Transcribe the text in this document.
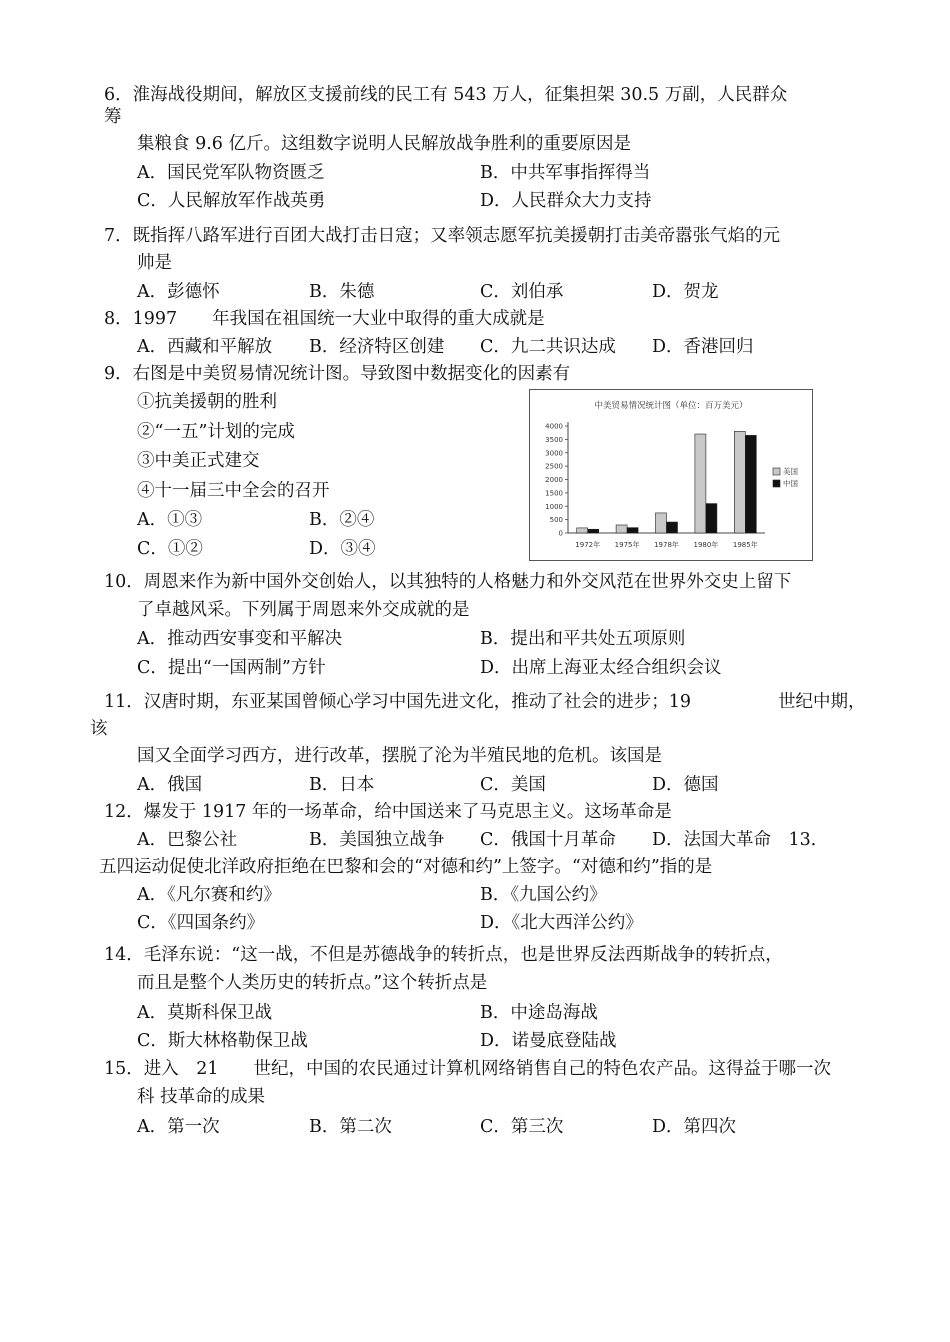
6．淮海战役期间，解放区支援前线的民工有 543 万人，征集担架 30.5 万副，人民群众
筹
集粮食 9.6 亿斤。这组数字说明人民解放战争胜利的重要原因是
A．国民党军队物资匮乏	B．中共军事指挥得当
C．人民解放军作战英勇	D．人民群众大力支持
7．既指挥八路军进行百团大战打击日寇；又率领志愿军抗美援朝打击美帝嚣张气焰的元
帅是
A．彭德怀	B．朱德	C．刘伯承	D．贺龙
8．1997　　年我国在祖国统一大业中取得的重大成就是
A．西藏和平解放 B．经济特区创建 C．九二共识达成 D．香港回归
9．右图是中美贸易情况统计图。导致图中数据变化的因素有
①抗美援朝的胜利
②“一五”计划的完成
③中美正式建交
④十一届三中全会的召开
A．①③	B．②④
C．①②	D．③④
中美贸易情况统计图（单位：百万美元）
0
500
1000
1500
2000
2500
3000
3500
4000
1972年 1975年 1978年 1980年 1985年
美国
中国
10．周恩来作为新中国外交创始人，以其独特的人格魅力和外交风范在世界外交史上留下
了卓越风采。下列属于周恩来外交成就的是
A．推动西安事变和平解决	B．提出和平共处五项原则
C．提出“一国两制”方针	D．出席上海亚太经合组织会议
11．汉唐时期，东亚某国曾倾心学习中国先进文化，推动了社会的进步；19	世纪中期，
该
国又全面学习西方，进行改革，摆脱了沦为半殖民地的危机。该国是
A．俄国	B．日本	C．美国	D．德国
12．爆发于 1917 年的一场革命，给中国送来了马克思主义。这场革命是
A．巴黎公社	B．美国独立战争 C．俄国十月革命 D．法国大革命　13．
五四运动促使北洋政府拒绝在巴黎和会的“对德和约”上签字。“对德和约”指的是
A．《凡尔赛和约》	B．《九国公约》
C．《四国条约》	D．《北大西洋公约》
14．毛泽东说：“这一战，不但是苏德战争的转折点，也是世界反法西斯战争的转折点，
而且是整个人类历史的转折点。”这个转折点是
A．莫斯科保卫战	B．中途岛海战
C．斯大林格勒保卫战	D．诺曼底登陆战
15．进入　21　　世纪，中国的农民通过计算机网络销售自己的特色农产品。这得益于哪一次
科 技革命的成果
A．第一次	B．第二次	C．第三次	D．第四次
